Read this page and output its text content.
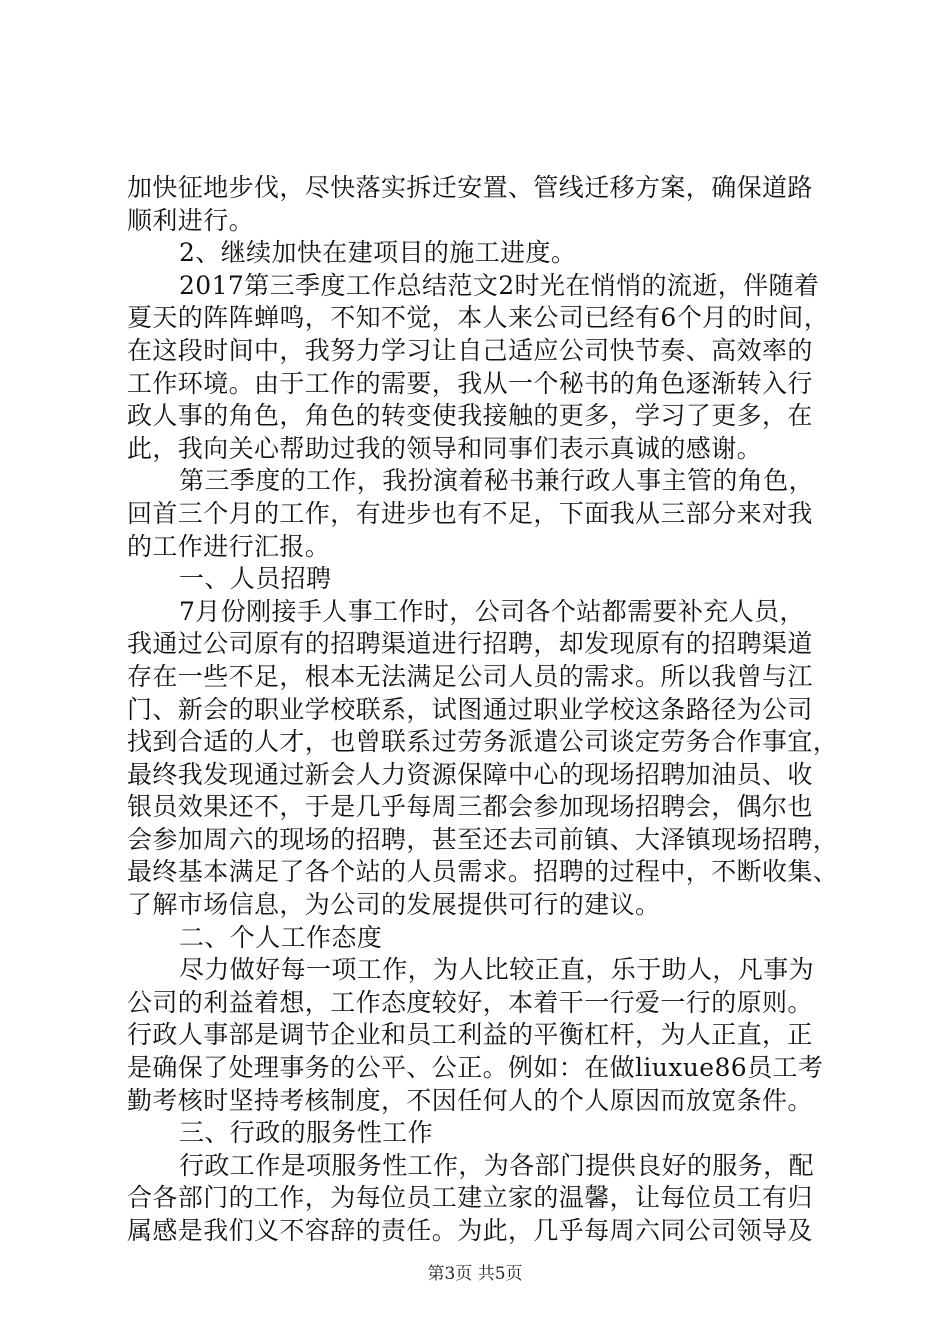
加快征地步伐，尽快落实拆迁安置、管线迁移方案，确保道路
顺利进行。
2、继续加快在建项目的施工进度。
2017第三季度工作总结范文2时光在悄悄的流逝，伴随着
夏天的阵阵蝉鸣，不知不觉，本人来公司已经有6个月的时间，
在这段时间中，我努力学习让自己适应公司快节奏、高效率的
工作环境。由于工作的需要，我从一个秘书的角色逐渐转入行
政人事的角色，角色的转变使我接触的更多，学习了更多，在
此，我向关心帮助过我的领导和同事们表示真诚的感谢。
第三季度的工作，我扮演着秘书兼行政人事主管的角色，
回首三个月的工作，有进步也有不足，下面我从三部分来对我
的工作进行汇报。
一、人员招聘
7月份刚接手人事工作时，公司各个站都需要补充人员，
我通过公司原有的招聘渠道进行招聘，却发现原有的招聘渠道
存在一些不足，根本无法满足公司人员的需求。所以我曾与江
门、新会的职业学校联系，试图通过职业学校这条路径为公司
找到合适的人才，也曾联系过劳务派遣公司谈定劳务合作事宜，
最终我发现通过新会人力资源保障中心的现场招聘加油员、收
银员效果还不，于是几乎每周三都会参加现场招聘会，偶尔也
会参加周六的现场的招聘，甚至还去司前镇、大泽镇现场招聘，
最终基本满足了各个站的人员需求。招聘的过程中，不断收集、
了解市场信息，为公司的发展提供可行的建议。
二、个人工作态度
尽力做好每一项工作，为人比较正直，乐于助人，凡事为
公司的利益着想，工作态度较好，本着干一行爱一行的原则。
行政人事部是调节企业和员工利益的平衡杠杆，为人正直，正
是确保了处理事务的公平、公正。例如：在做liuxue86员工考
勤考核时坚持考核制度，不因任何人的个人原因而放宽条件。
三、行政的服务性工作
行政工作是项服务性工作，为各部门提供良好的服务，配
合各部门的工作，为每位员工建立家的温馨，让每位员工有归
属感是我们义不容辞的责任。为此，几乎每周六同公司领导及
第3页 共5页
